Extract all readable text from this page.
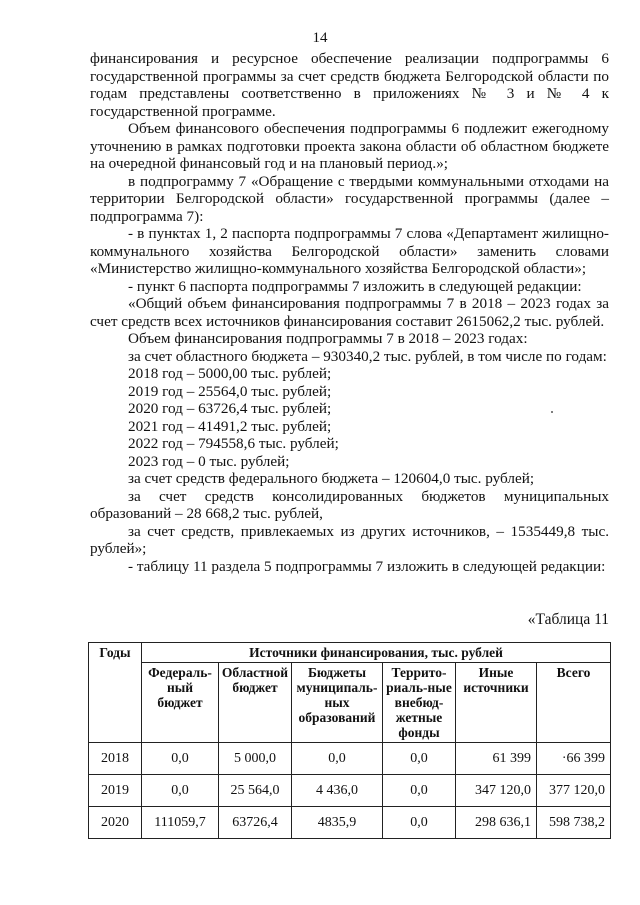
14

финансирования и ресурсное обеспечение реализации подпрограммы 6 государственной программы за счет средств бюджета Белгородской области по годам представлены соответственно в приложениях № 3 и № 4 к государственной программе.

Объем финансового обеспечения подпрограммы 6 подлежит ежегодному уточнению в рамках подготовки проекта закона области об областном бюджете на очередной финансовый год и на плановый период.»;

в подпрограмму 7 «Обращение с твердыми коммунальными отходами на территории Белгородской области» государственной программы (далее – подпрограмма 7):

- в пунктах 1, 2 паспорта подпрограммы 7 слова «Департамент жилищно-коммунального хозяйства Белгородской области» заменить словами «Министерство жилищно-коммунального хозяйства Белгородской области»;

- пункт 6 паспорта подпрограммы 7 изложить в следующей редакции:

«Общий объем финансирования подпрограммы 7 в 2018 – 2023 годах за счет средств всех источников финансирования составит 2615062,2 тыс. рублей.

Объем финансирования подпрограммы 7 в 2018 – 2023 годах:

за счет областного бюджета – 930340,2 тыс. рублей, в том числе по годам:

2018 год – 5000,00 тыс. рублей;

2019 год – 25564,0 тыс. рублей;

2020 год – 63726,4 тыс. рублей;

2021 год – 41491,2 тыс. рублей;

2022 год – 794558,6 тыс. рублей;

2023 год – 0 тыс. рублей;

за счет средств федерального бюджета – 120604,0 тыс. рублей;

за счет средств консолидированных бюджетов муниципальных образований – 28 668,2 тыс. рублей,

за счет средств, привлекаемых из других источников, – 1535449,8 тыс. рублей»;

- таблицу 11 раздела 5 подпрограммы 7 изложить в следующей редакции:

«Таблица 11
Годы	Источники финансирования, тыс. рублей					
	Федераль-ный бюджет	Областной бюджет	Бюджеты муниципаль-ных образований	Террито-риаль-ные внебюд-жетные фонды	Иные источники	Всего
2018	0,0	5 000,0	0,0	0,0	61 399	·66 399
2019	0,0	25 564,0	4 436,0	0,0	347 120,0	377 120,0
2020	111059,7	63726,4	4835,9	0,0	298 636,1	598 738,2
